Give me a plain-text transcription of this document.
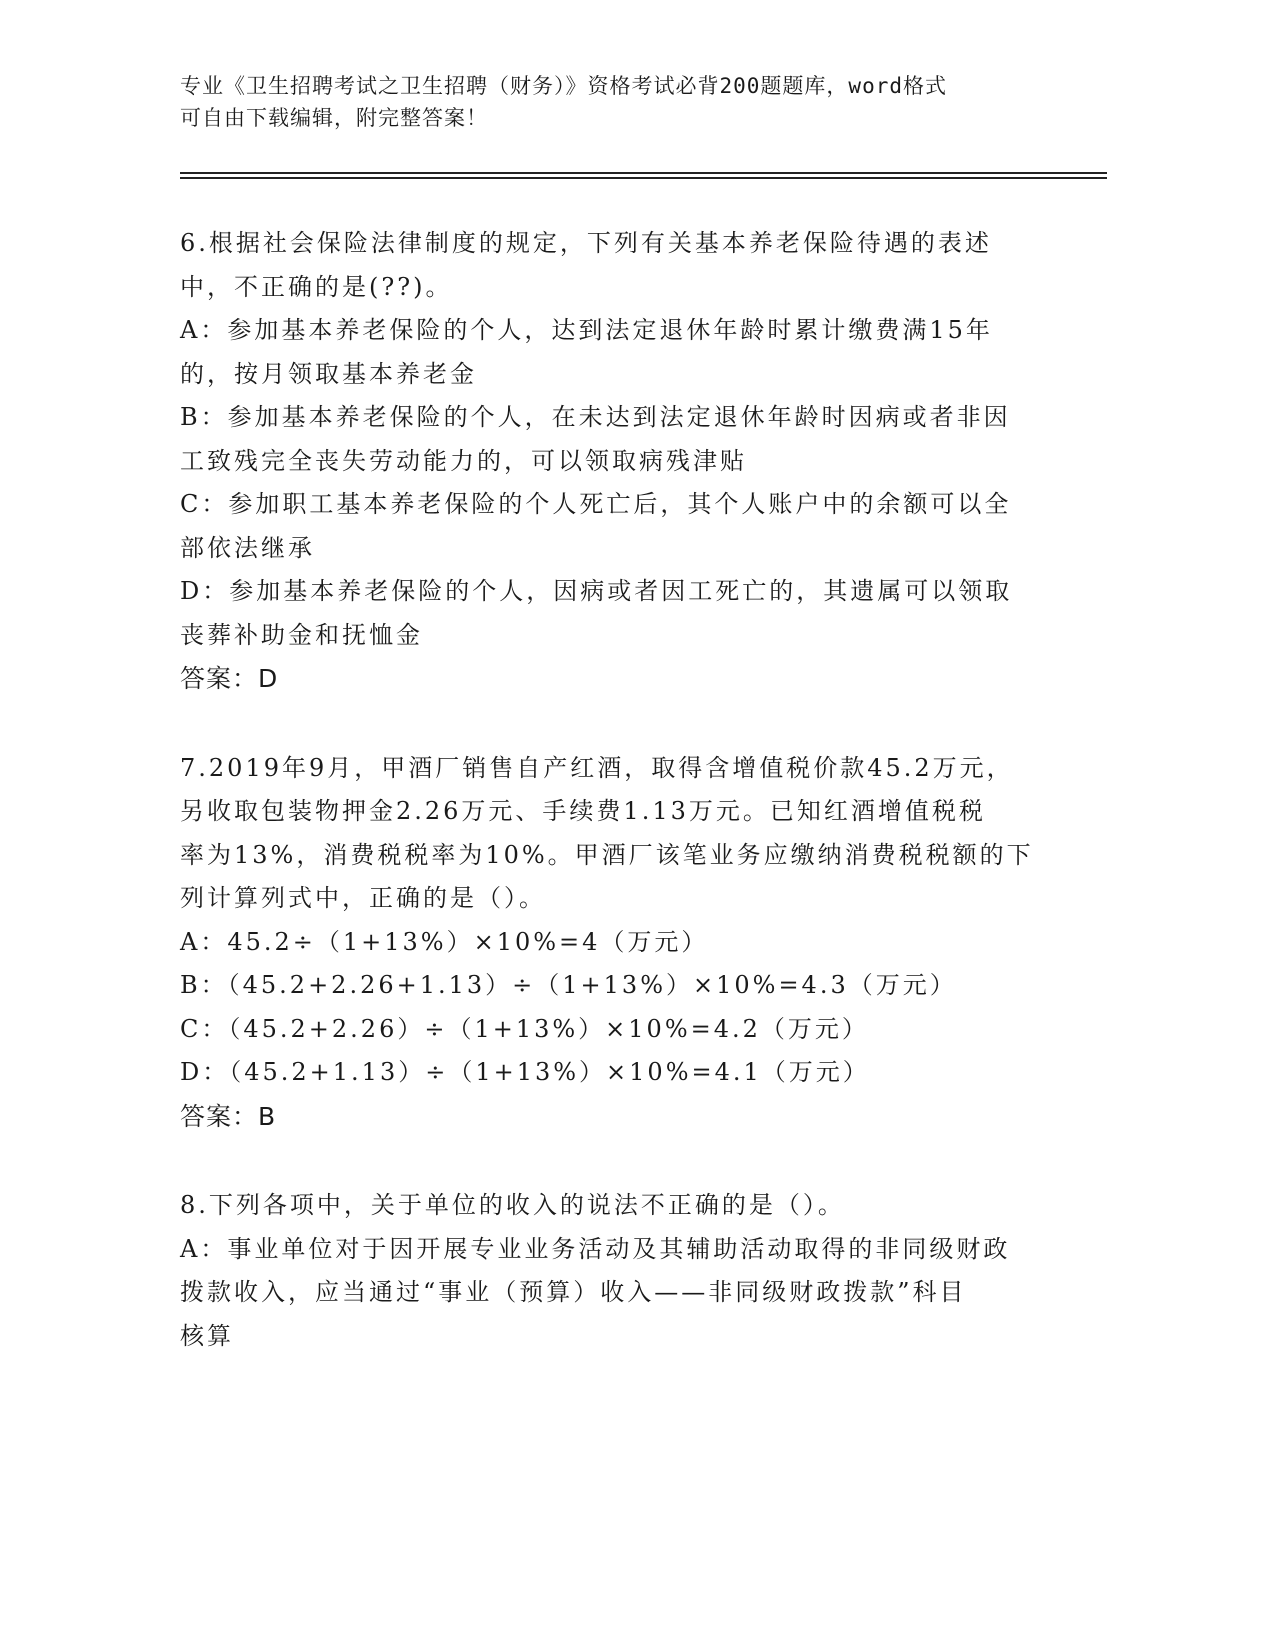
专业《卫生招聘考试之卫生招聘（财务）》资格考试必背200题题库，word格式
可自由下载编辑，附完整答案！
6.根据社会保险法律制度的规定，下列有关基本养老保险待遇的表述
中，不正确的是(??)。
A：参加基本养老保险的个人，达到法定退休年龄时累计缴费满15年
的，按月领取基本养老金
B：参加基本养老保险的个人，在未达到法定退休年龄时因病或者非因
工致残完全丧失劳动能力的，可以领取病残津贴
C：参加职工基本养老保险的个人死亡后，其个人账户中的余额可以全
部依法继承
D：参加基本养老保险的个人，因病或者因工死亡的，其遗属可以领取
丧葬补助金和抚恤金
答案：D
7.2019年9月，甲酒厂销售自产红酒，取得含增值税价款45.2万元，
另收取包装物押金2.26万元、手续费1.13万元。已知红酒增值税税
率为13%，消费税税率为10%。甲酒厂该笔业务应缴纳消费税税额的下
列计算列式中，正确的是（）。
A：45.2÷（1+13%）×10%=4（万元）
B：（45.2+2.26+1.13）÷（1+13%）×10%=4.3（万元）
C：（45.2+2.26）÷（1+13%）×10%=4.2（万元）
D：（45.2+1.13）÷（1+13%）×10%=4.1（万元）
答案：B
8.下列各项中，关于单位的收入的说法不正确的是（）。
A：事业单位对于因开展专业业务活动及其辅助活动取得的非同级财政
拨款收入，应当通过“事业（预算）收入——非同级财政拨款”科目
核算
